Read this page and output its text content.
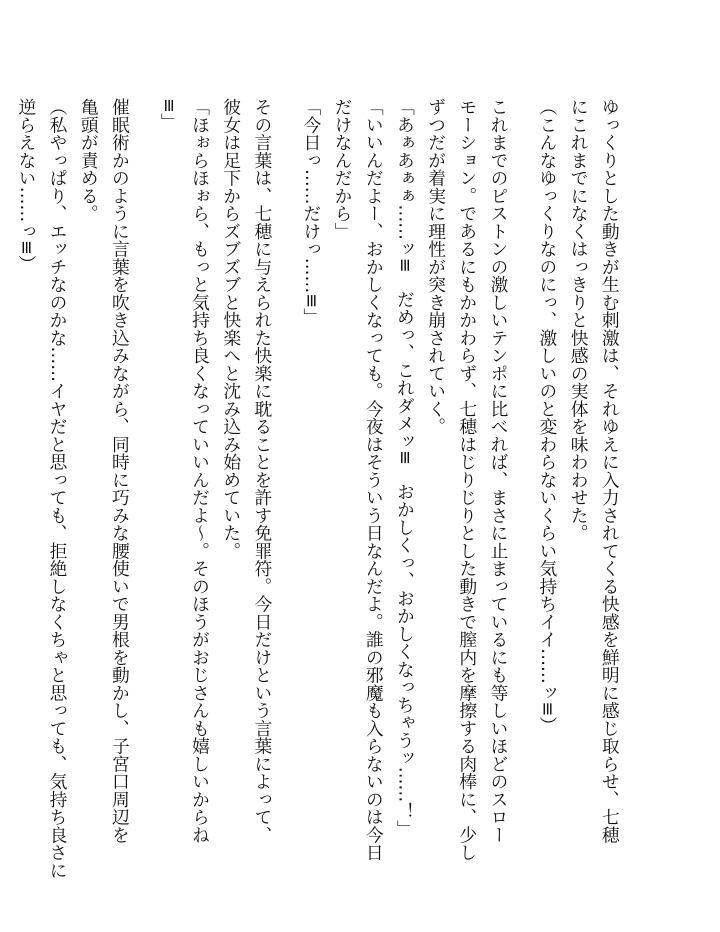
ゆっくりとした動きが生む刺激は、それゆえに入力されてくる快感を鮮明に感じ取らせ、七穂
にこれまでになくはっきりと快感の実体を味わわせた。
（こんなゆっくりなのにっ、激しいのと変わらないくらい気持ちイイ……ッ≡）
これまでのピストンの激しいテンポに比べれば、まさに止まっているにも等しいほどのスロー
モーション。であるにもかかわらず、七穂はじりじりとした動きで膣内を摩擦する肉棒に、少し
ずつだが着実に理性が突き崩されていく。
「あぁあぁぁ……ッ≡　だめっ、これダメッ≡　おかしくっ、おかしくなっちゃうッ……！」
「いいんだよー、おかしくなっても。今夜はそういう日なんだよ。誰の邪魔も入らないのは今日
だけなんだから」
「今日っ……だけっ……≡」
その言葉は、七穂に与えられた快楽に耽ることを許す免罪符。今日だけという言葉によって、
彼女は足下からズブズブと快楽へと沈み込み始めていた。
「ほぉらほぉら、もっと気持ち良くなっていいんだよ～。そのほうがおじさんも嬉しいからね
≡」
催眠術かのように言葉を吹き込みながら、同時に巧みな腰使いで男根を動かし、子宮口周辺を
亀頭が責める。
（私やっぱり、エッチなのかな……イヤだと思っても、拒絶しなくちゃと思っても、気持ち良さに
逆らえない……っ≡）
